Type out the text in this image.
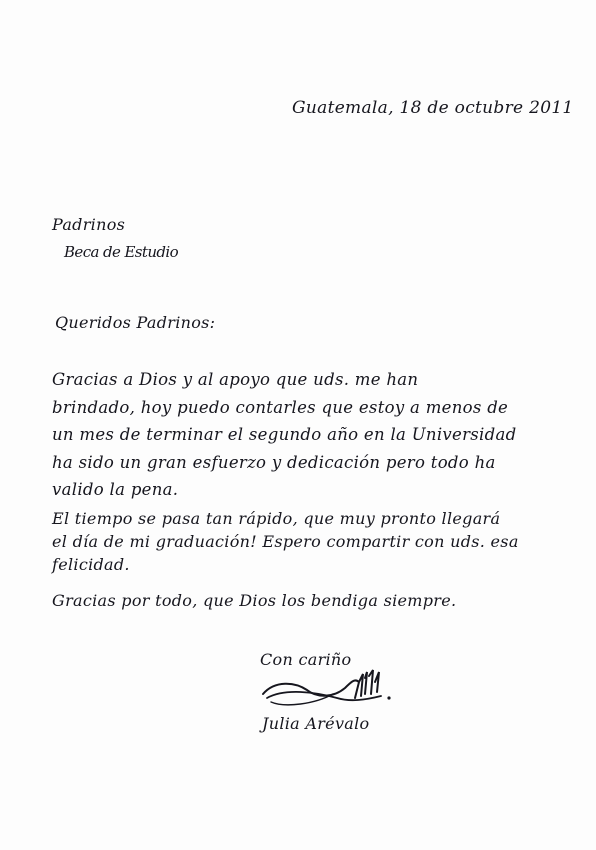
Guatemala, 18 de octubre 2011
Padrinos
Beca de Estudio
Queridos Padrinos:
Gracias a Dios y al apoyo que uds. me han
brindado, hoy puedo contarles que estoy a menos de
un mes de terminar el segundo año en la Universidad
ha sido un gran esfuerzo y dedicación pero todo ha
valido la pena.
El tiempo se pasa tan rápido, que muy pronto llegará
el día de mi graduación! Espero compartir con uds. esa
felicidad.
Gracias por todo, que Dios los bendiga siempre.
Con cariño
Julia Arévalo
